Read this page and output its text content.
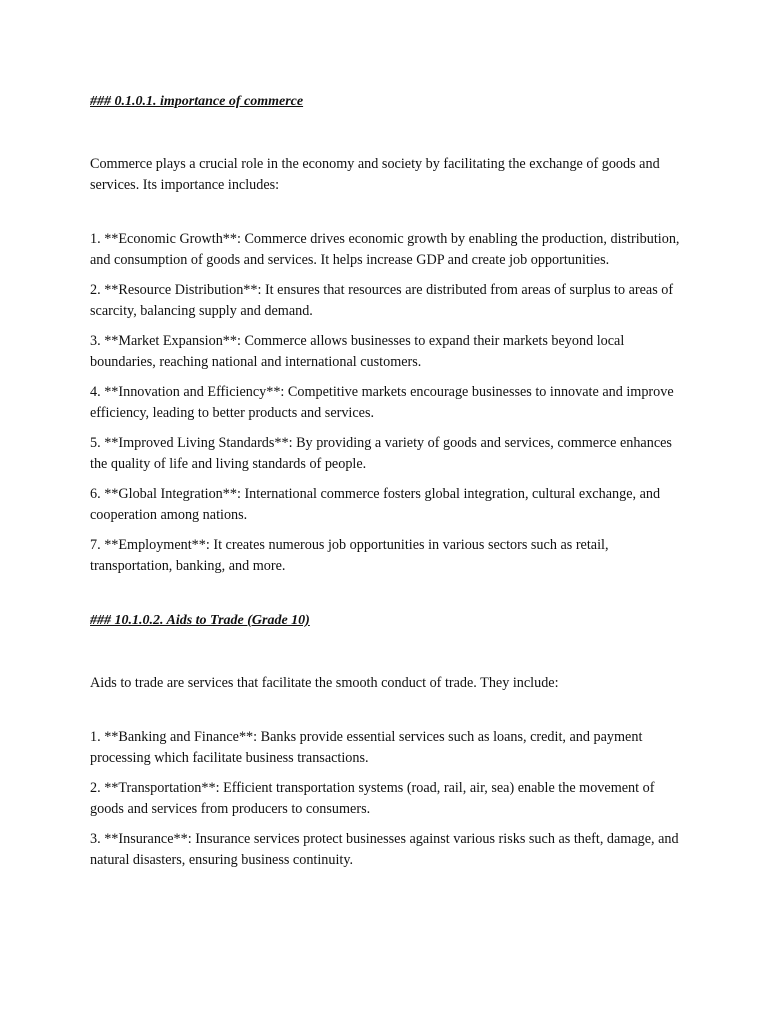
### 0.1.0.1. importance of commerce

Commerce plays a crucial role in the economy and society by facilitating the exchange of goods and services. Its importance includes:

1. **Economic Growth**: Commerce drives economic growth by enabling the production, distribution, and consumption of goods and services. It helps increase GDP and create job opportunities.

2. **Resource Distribution**: It ensures that resources are distributed from areas of surplus to areas of scarcity, balancing supply and demand.

3. **Market Expansion**: Commerce allows businesses to expand their markets beyond local boundaries, reaching national and international customers.

4. **Innovation and Efficiency**: Competitive markets encourage businesses to innovate and improve efficiency, leading to better products and services.

5. **Improved Living Standards**: By providing a variety of goods and services, commerce enhances the quality of life and living standards of people.

6. **Global Integration**: International commerce fosters global integration, cultural exchange, and cooperation among nations.

7. **Employment**: It creates numerous job opportunities in various sectors such as retail, transportation, banking, and more.

### 10.1.0.2. Aids to Trade (Grade 10)

Aids to trade are services that facilitate the smooth conduct of trade. They include:

1. **Banking and Finance**: Banks provide essential services such as loans, credit, and payment processing which facilitate business transactions.

2. **Transportation**: Efficient transportation systems (road, rail, air, sea) enable the movement of goods and services from producers to consumers.

3. **Insurance**: Insurance services protect businesses against various risks such as theft, damage, and natural disasters, ensuring business continuity.
